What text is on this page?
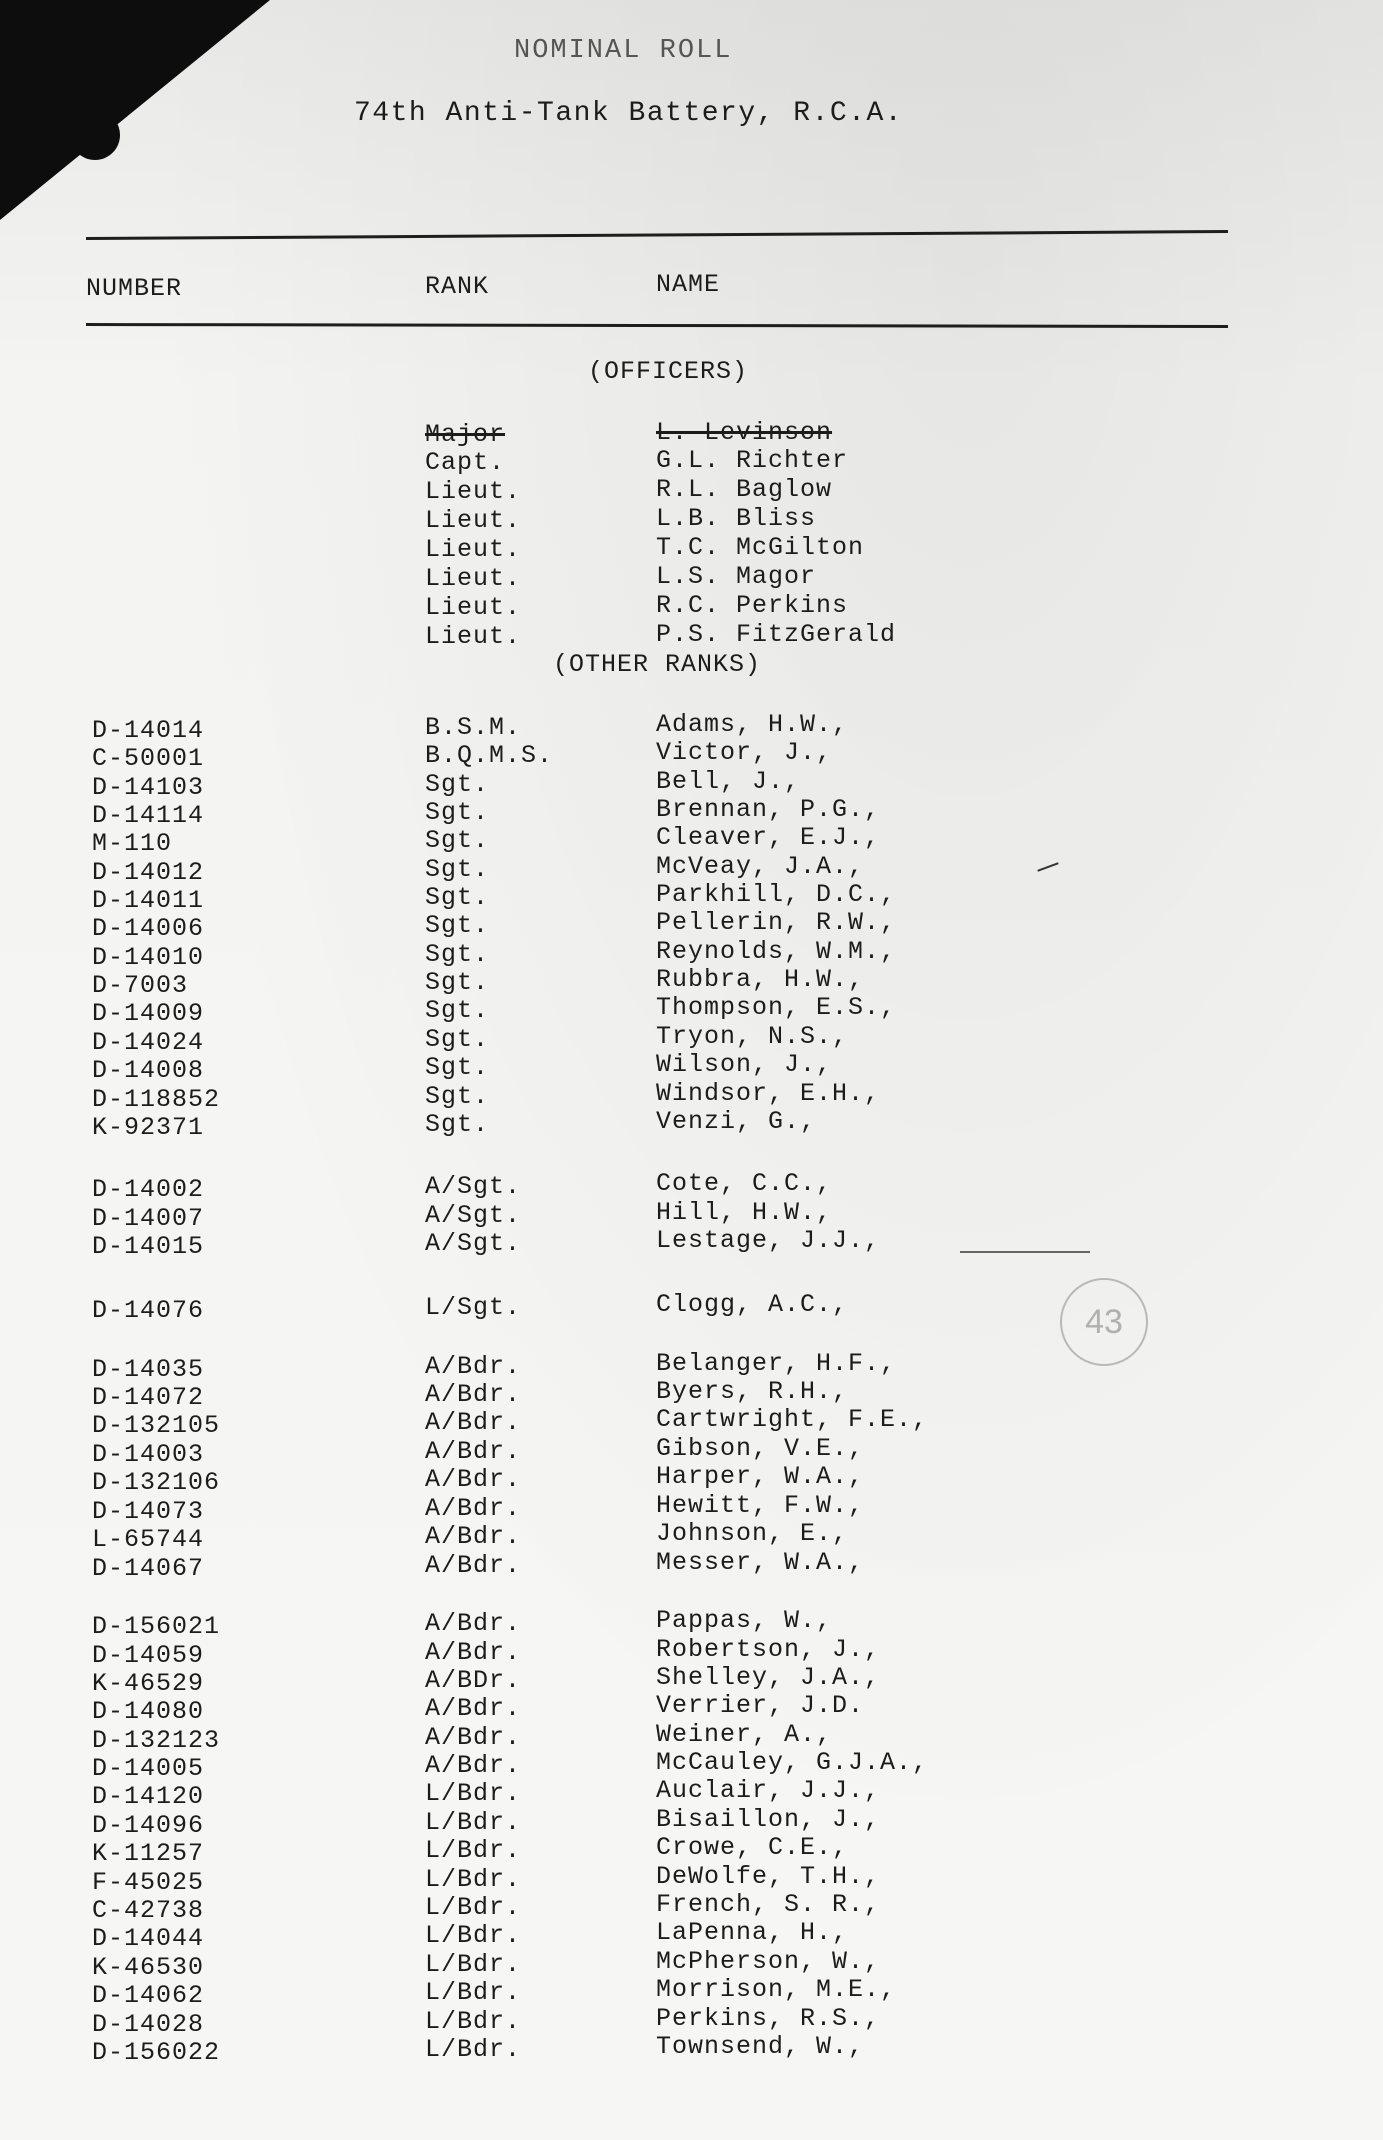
NOMINAL ROLL
74th Anti-Tank Battery, R.C.A.
NUMBER	RANK	NAME
(OFFICERS)
Major	L. Levinson
Capt.	G.L. Richter
Lieut.	R.L. Baglow
Lieut.	L.B. Bliss
Lieut.	T.C. McGilton
Lieut.	L.S. Magor
Lieut.	R.C. Perkins
Lieut.	P.S. FitzGerald
(OTHER RANKS)
D-14014	B.S.M.	Adams, H.W.,
C-50001	B.Q.M.S.	Victor, J.,
D-14103	Sgt.	Bell, J.,
D-14114	Sgt.	Brennan, P.G.,
M-110	Sgt.	Cleaver, E.J.,
D-14012	Sgt.	McVeay, J.A.,
D-14011	Sgt.	Parkhill, D.C.,
D-14006	Sgt.	Pellerin, R.W.,
D-14010	Sgt.	Reynolds, W.M.,
D-7003	Sgt.	Rubbra, H.W.,
D-14009	Sgt.	Thompson, E.S.,
D-14024	Sgt.	Tryon, N.S.,
D-14008	Sgt.	Wilson, J.,
D-118852	Sgt.	Windsor, E.H.,
K-92371	Sgt.	Venzi, G.,
D-14002	A/Sgt.	Cote, C.C.,
D-14007	A/Sgt.	Hill, H.W.,
D-14015	A/Sgt.	Lestage, J.J.,
D-14076	L/Sgt.	Clogg, A.C.,
D-14035	A/Bdr.	Belanger, H.F.,
D-14072	A/Bdr.	Byers, R.H.,
D-132105	A/Bdr.	Cartwright, F.E.,
D-14003	A/Bdr.	Gibson, V.E.,
D-132106	A/Bdr.	Harper, W.A.,
D-14073	A/Bdr.	Hewitt, F.W.,
L-65744	A/Bdr.	Johnson, E.,
D-14067	A/Bdr.	Messer, W.A.,
D-156021	A/Bdr.	Pappas, W.,
D-14059	A/Bdr.	Robertson, J.,
K-46529	A/BDr.	Shelley, J.A.,
D-14080	A/Bdr.	Verrier, J.D.
D-132123	A/Bdr.	Weiner, A.,
D-14005	A/Bdr.	McCauley, G.J.A.,
D-14120	L/Bdr.	Auclair, J.J.,
D-14096	L/Bdr.	Bisaillon, J.,
K-11257	L/Bdr.	Crowe, C.E.,
F-45025	L/Bdr.	DeWolfe, T.H.,
C-42738	L/Bdr.	French, S. R.,
D-14044	L/Bdr.	LaPenna, H.,
K-46530	L/Bdr.	McPherson, W.,
D-14062	L/Bdr.	Morrison, M.E.,
D-14028	L/Bdr.	Perkins, R.S.,
D-156022	L/Bdr.	Townsend, W.,
43
